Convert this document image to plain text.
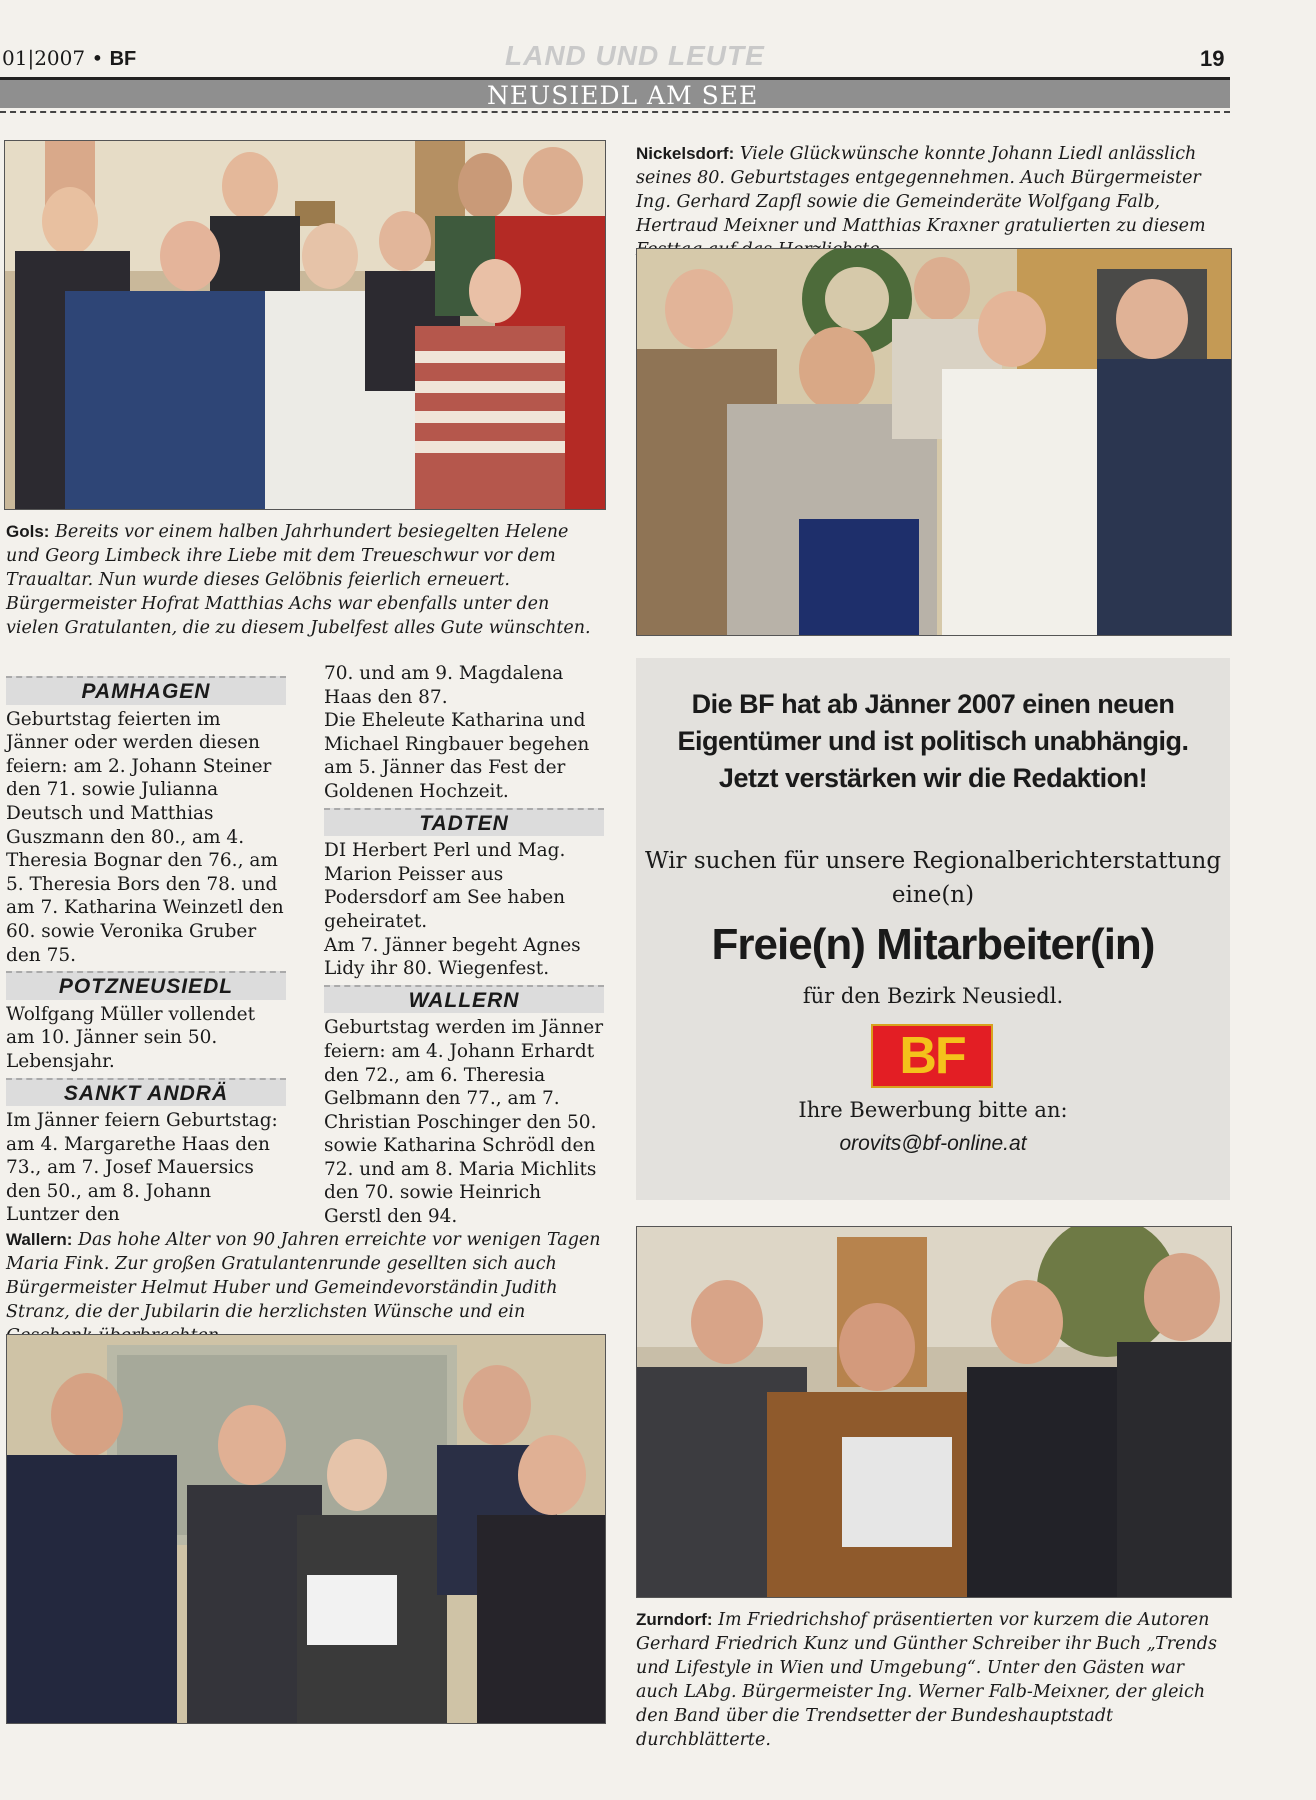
01|2007 • BF	LAND UND LEUTE	19
NEUSIEDL AM SEE
Gols: Bereits vor einem halben Jahrhundert besiegelten Helene und Georg Limbeck ihre Liebe mit dem Treueschwur vor dem Traualtar. Nun wurde dieses Gelöbnis feierlich erneuert. Bürgermeister Hofrat Matthias Achs war ebenfalls unter den vielen Gratulanten, die zu diesem Jubelfest alles Gute wünschten.
Nickelsdorf: Viele Glückwünsche konnte Johann Liedl anlässlich seines 80. Geburtstages entgegennehmen. Auch Bürgermeister Ing. Gerhard Zapfl sowie die Gemeinderäte Wolfgang Falb, Hertraud Meixner und Matthias Kraxner gratulierten zu diesem
PAMHAGEN
Geburtstag feierten im Jänner oder werden diesen feiern: am 2. Johann Steiner den 71. sowie Julianna Deutsch und Matthias Guszmann den 80., am 4. Theresia Bognar den 76., am 5. Theresia Bors den 78. und am 7. Katharina Weinzetl den 60. sowie Veronika Gruber den 75.
POTZNEUSIEDL
Wolfgang Müller vollendet am 10. Jänner sein 50. Lebensjahr.
SANKT ANDRÄ
Im Jänner feiern Geburtstag: am 4. Margarethe Haas den 73., am 7. Josef Mauersics den 50., am 8. Johann Luntzer den
70. und am 9. Magdalena Haas den 87.
Die Eheleute Katharina und Michael Ringbauer begehen am 5. Jänner das Fest der Goldenen Hochzeit.
TADTEN
DI Herbert Perl und Mag. Marion Peisser aus Podersdorf am See haben geheiratet.
Am 7. Jänner begeht Agnes Lidy ihr 80. Wiegenfest.
WALLERN
Geburtstag werden im Jänner feiern: am 4. Johann Erhardt den 72., am 6. Theresia Gelbmann den 77., am 7. Christian Poschinger den 50. sowie Katharina Schrödl den 72. und am 8. Maria Michlits den 70. sowie Heinrich Gerstl den 94.
Die BF hat ab Jänner 2007 einen neuen
Eigentümer und ist politisch unabhängig.
Jetzt verstärken wir die Redaktion!
Wir suchen für unsere Regionalberichterstattung
eine(n)
Freie(n) Mitarbeiter(in)
für den Bezirk Neusiedl.
BF
Ihre Bewerbung bitte an:
orovits@bf-online.at
Wallern: Das hohe Alter von 90 Jahren erreichte vor wenigen Tagen Maria Fink. Zur großen Gratulantenrunde gesellten sich auch Bürgermeister Helmut Huber und Gemeindevorständin Judith Stranz, die der Jubilarin die herzlichsten Wünsche und ein
Zurndorf: Im Friedrichshof präsentierten vor kurzem die Autoren Gerhard Friedrich Kunz und Günther Schreiber ihr Buch „Trends und Lifestyle in Wien und Umgebung“. Unter den Gästen war auch LAbg. Bürgermeister Ing. Werner Falb-Meixner, der gleich den Band über die Trendsetter der Bundeshauptstadt durchblätterte.
